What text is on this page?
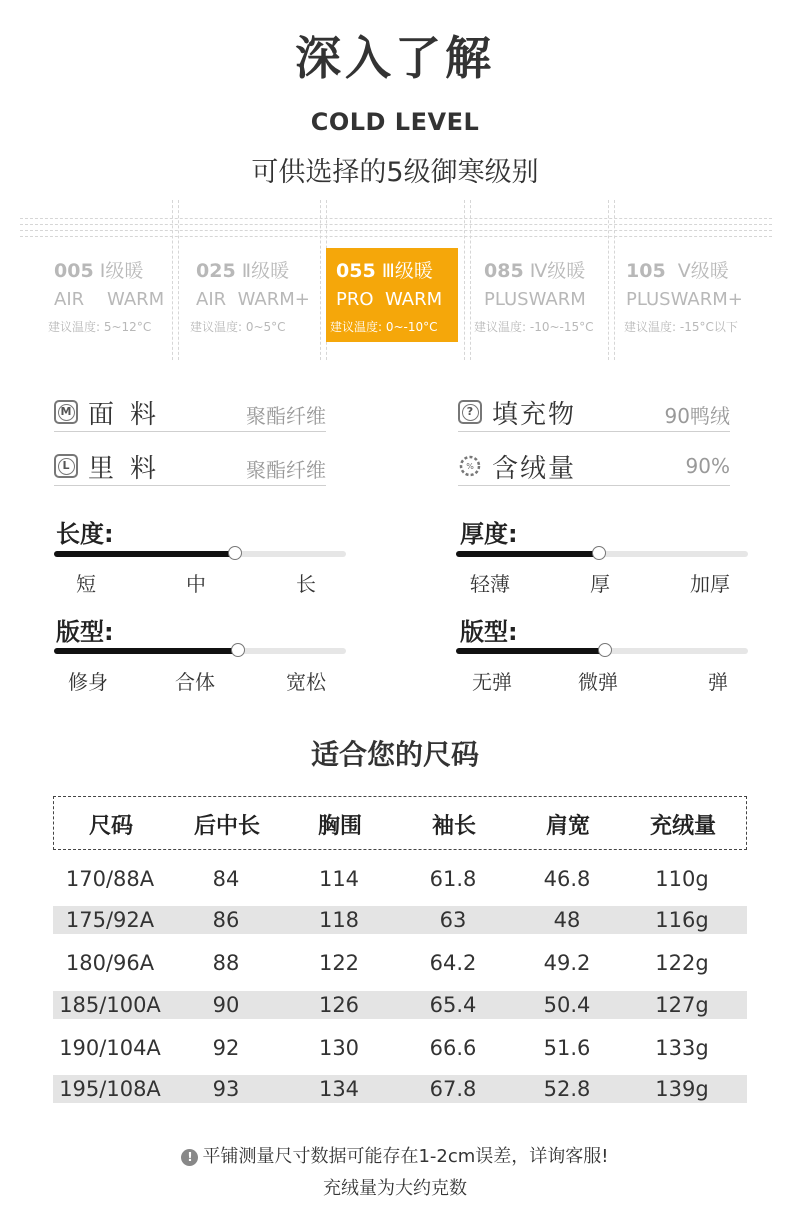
深入了解
COLD LEVEL
可供选择的5级御寒级别
005 Ⅰ级暖
AIR WARM
建议温度: 5~12°C
025 Ⅱ级暖
AIR WARM+
建议温度: 0~5°C
055 Ⅲ级暖
PRO WARM
建议温度: 0~-10°C
085 Ⅳ级暖
PLUSWARM
建议温度: -10~-15°C
105 Ⅴ级暖
PLUSWARM+
建议温度: -15°C以下
M 面料	聚酯纤维
L 里料	聚酯纤维
? 填充物	90鸭绒
% 含绒量	90%
长度:
短	中	长
厚度:
轻薄	厚	加厚
版型:
修身	合体	宽松
版型:
无弹	微弹	弹
适合您的尺码
尺码	后中长	胸围	袖长	肩宽	充绒量
170/88A	84	114	61.8	46.8	110g
175/92A	86	118	63	48	116g
180/96A	88	122	64.2	49.2	122g
185/100A	90	126	65.4	50.4	127g
190/104A	92	130	66.6	51.6	133g
195/108A	93	134	67.8	52.8	139g
! 平铺测量尺寸数据可能存在1-2cm误差，详询客服!
充绒量为大约克数
